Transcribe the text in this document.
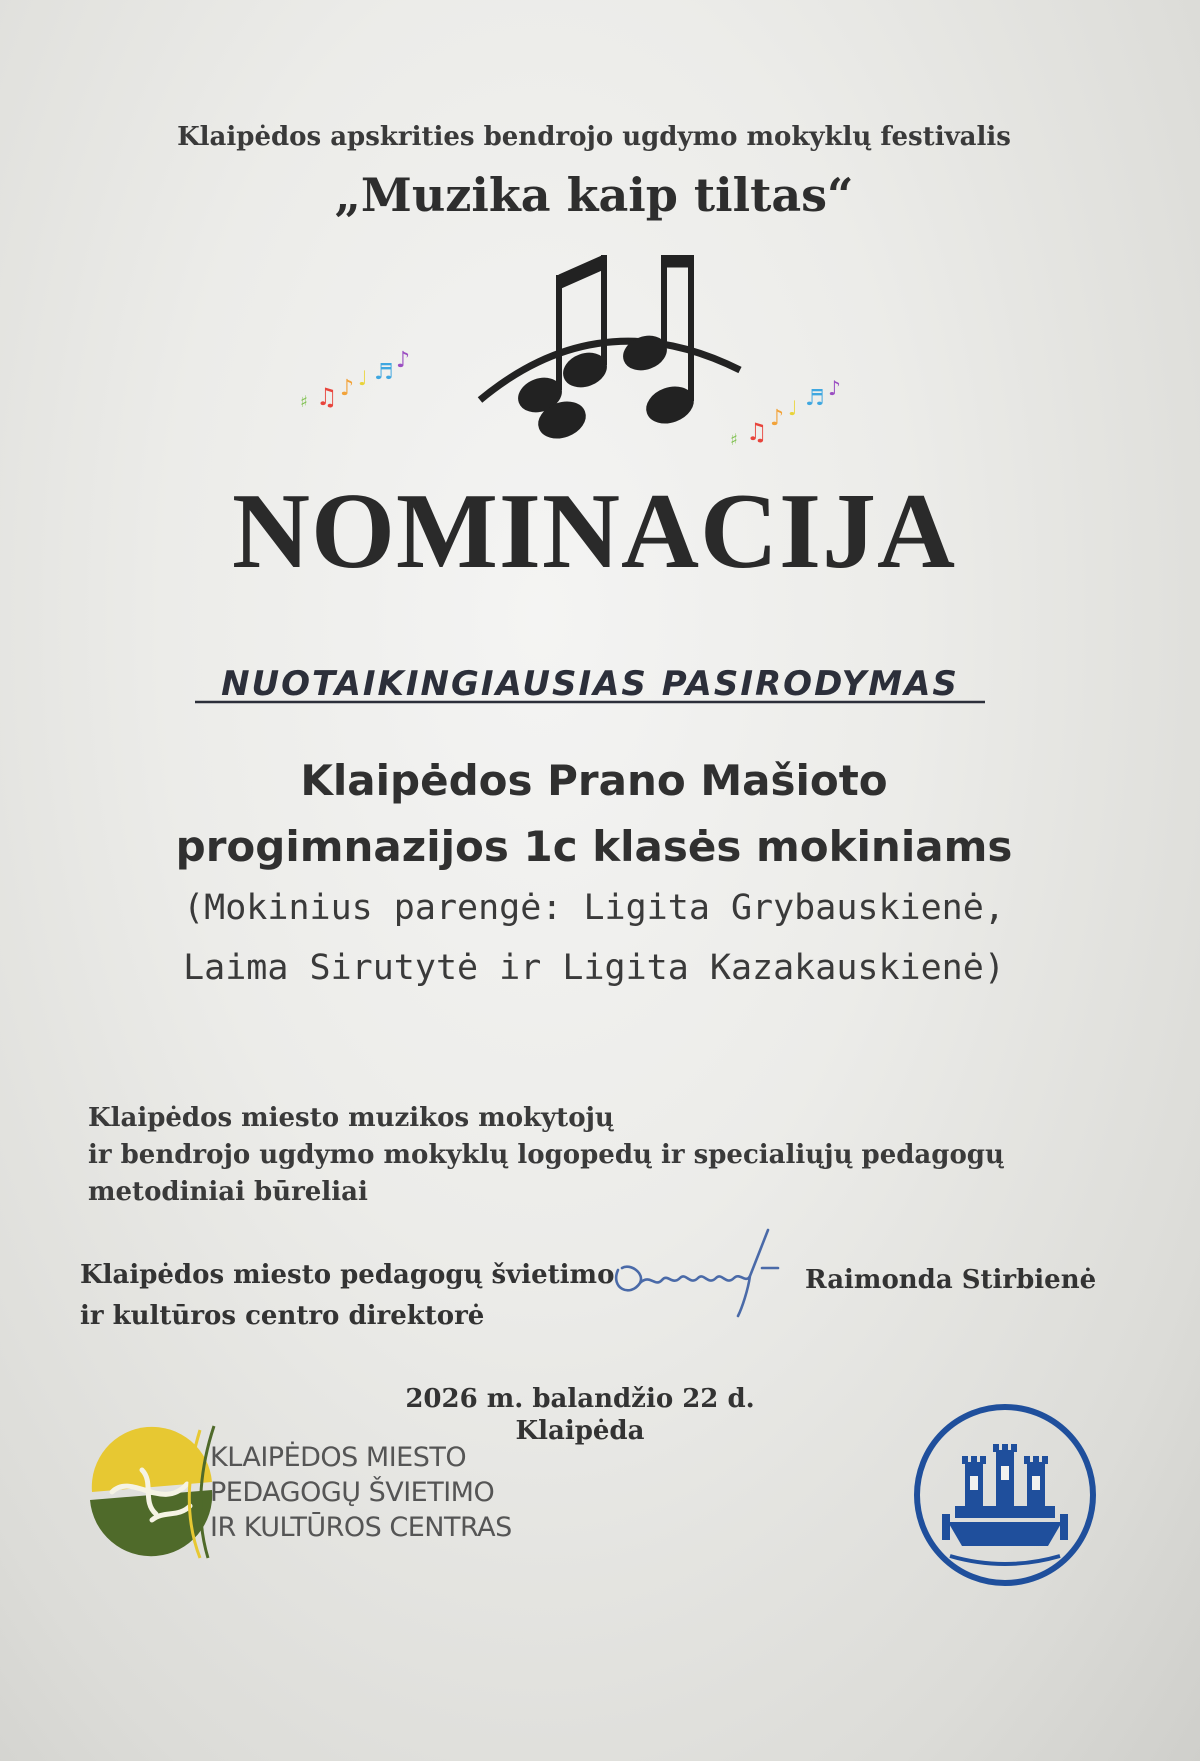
Klaipėdos apskrities bendrojo ugdymo mokyklų festivalis
„Muzika kaip tiltas“
♯ ♫ ♪ ♩ ♬ ♪
♯ ♫ ♪ ♩ ♬ ♪
NOMINACIJA
NUOTAIKINGIAUSIAS PASIRODYMAS
Klaipėdos Prano Mašioto
progimnazijos 1c klasės mokiniams
(Mokinius parengė: Ligita Grybauskienė,
Laima Sirutytė ir Ligita Kazakauskienė)
Klaipėdos miesto muzikos mokytojų
ir bendrojo ugdymo mokyklų logopedų ir specialiųjų pedagogų
metodiniai būreliai
Klaipėdos miesto pedagogų švietimo
ir kultūros centro direktorė
Raimonda Stirbienė
2026 m. balandžio 22 d.
Klaipėda
KLAIPĖDOS MIESTO
PEDAGOGŲ ŠVIETIMO
IR KULTŪROS CENTRAS
